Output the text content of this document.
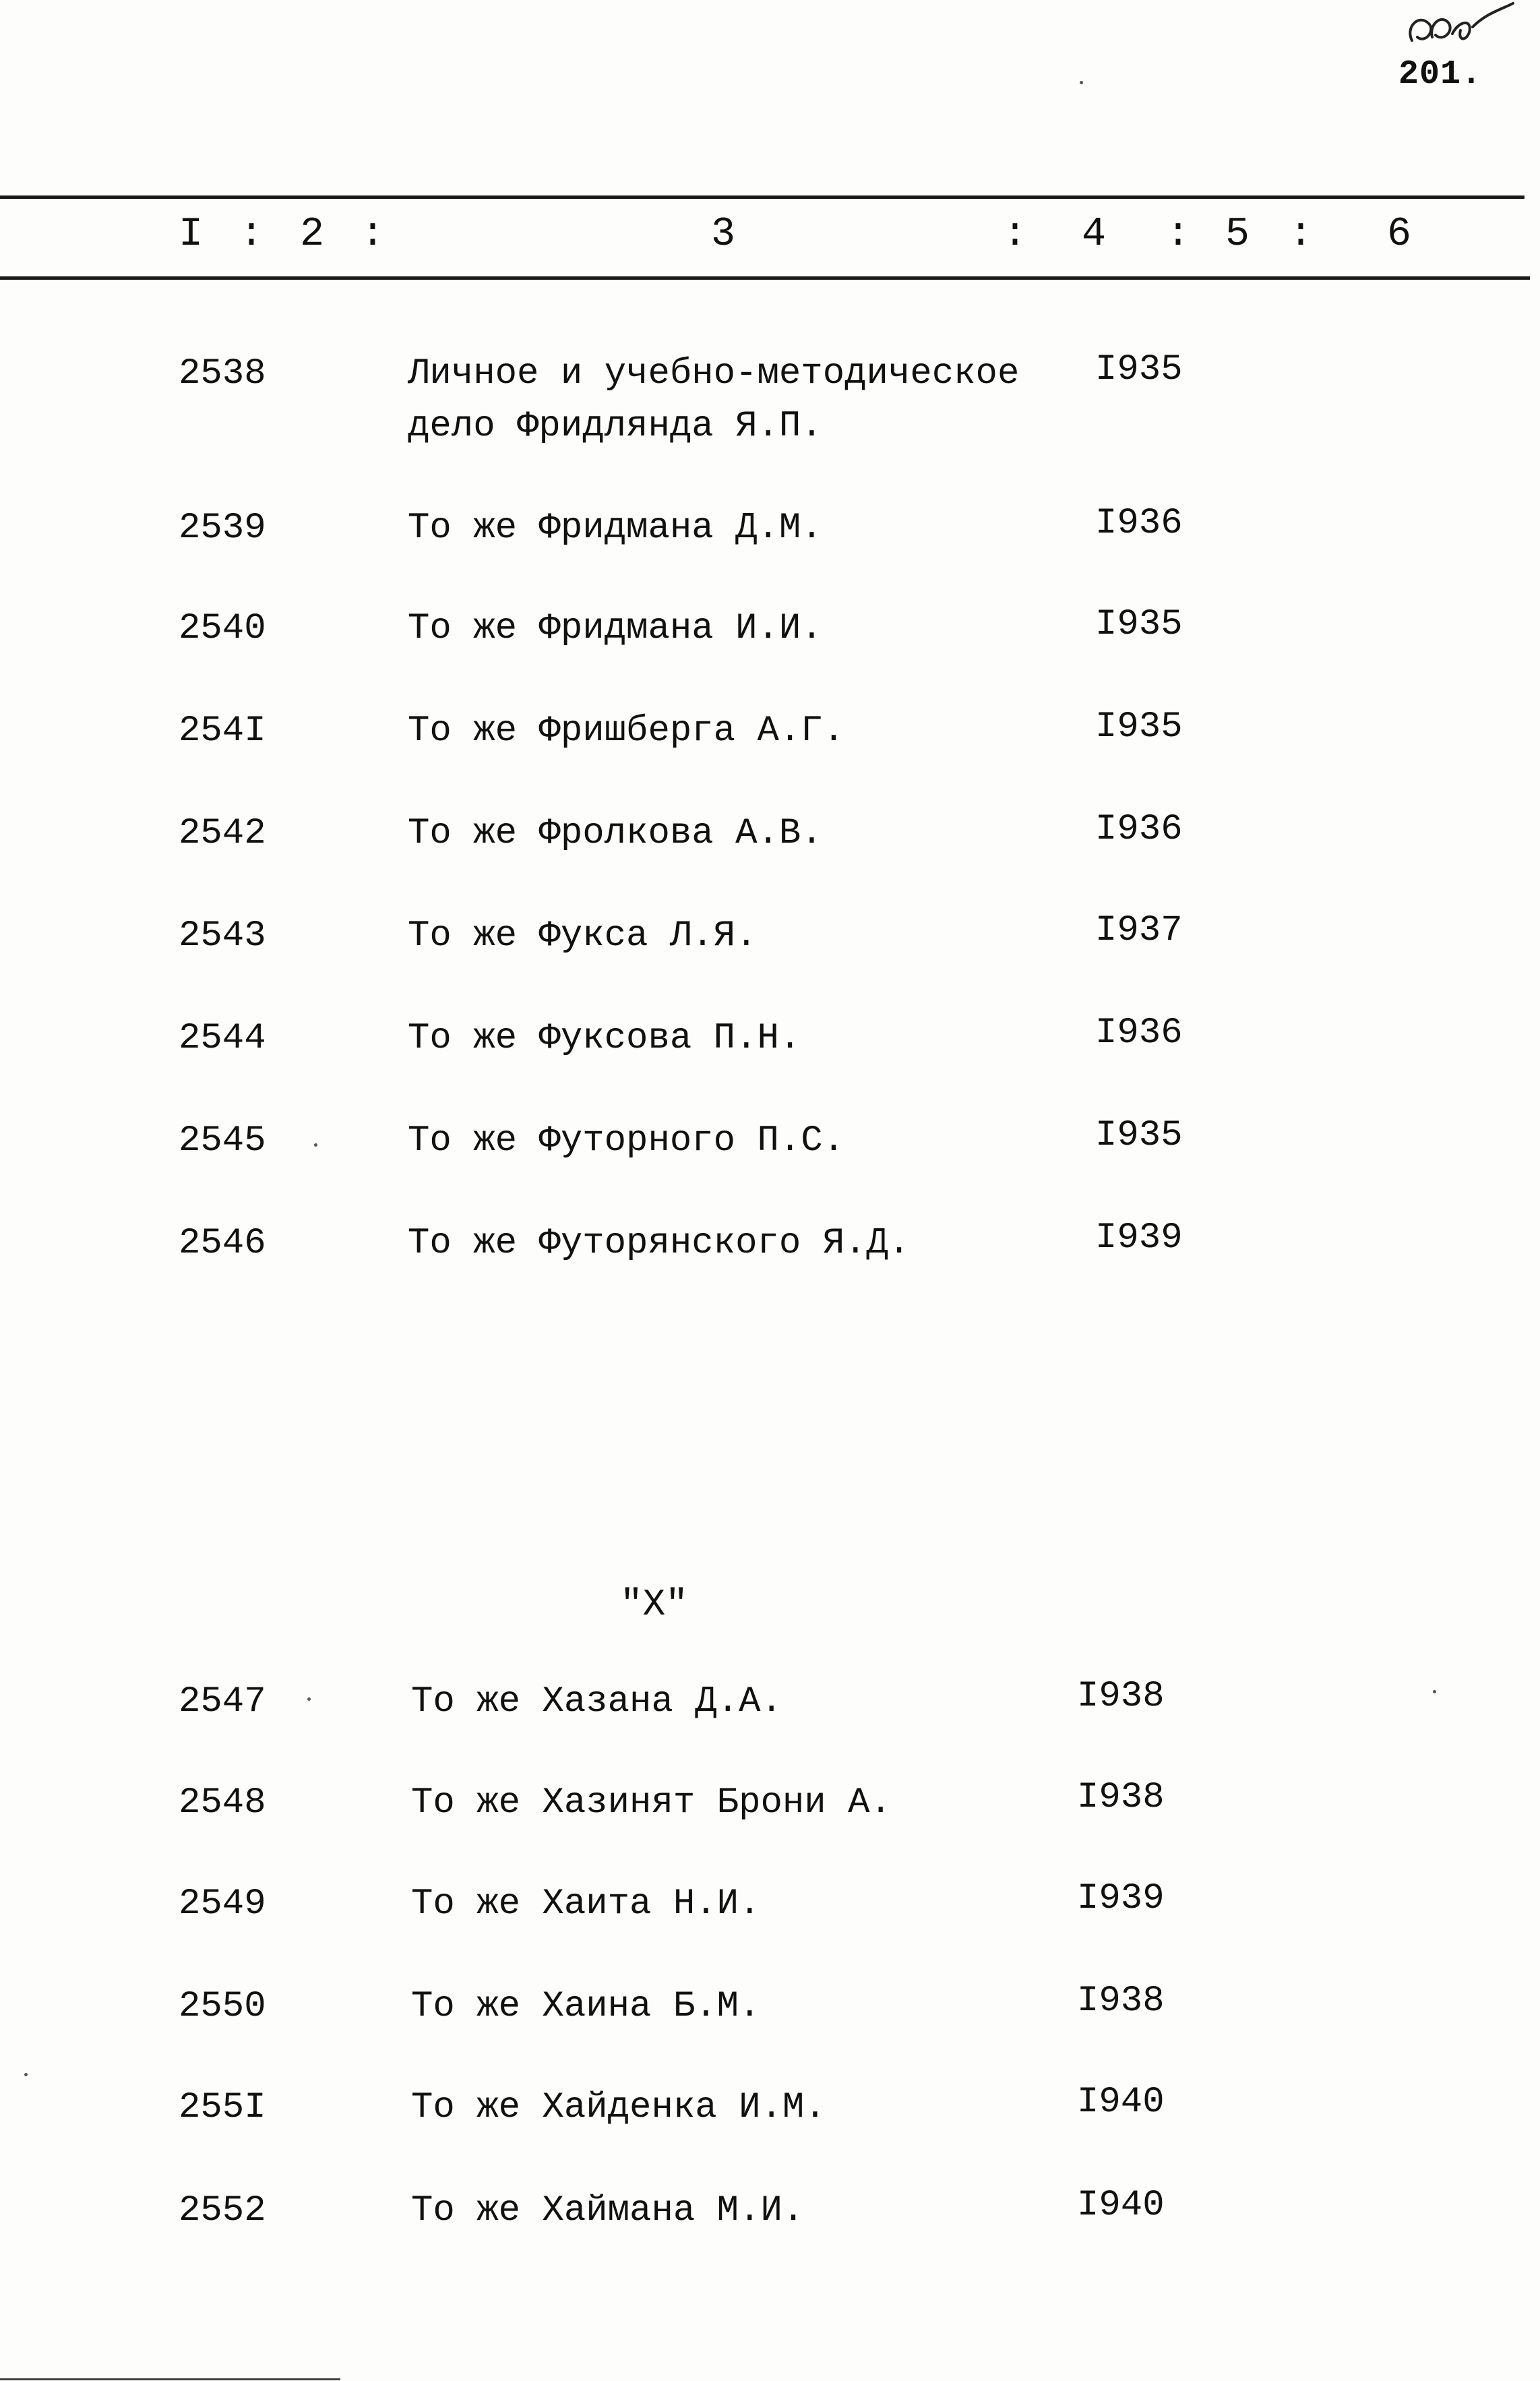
201.
I : 2 :	3	: 4 : 5 : 6
2538	Личное и учебно-методическое
дело Фридлянда Я.П.
I935
2539	То же Фридмана Д.М.	I936
2540	То же Фридмана И.И.	I935
254I	То же Фришберга А.Г.	I935
2542	То же Фролкова А.В.	I936
2543	То же Фукса Л.Я.	I937
2544	То же Фуксова П.Н.	I936
2545	То же Футорного П.С.	I935
2546	То же Футорянского Я.Д.	I939
"Х"
2547	То же Хазана Д.А.	I938
2548	То же Хазинят Брони А.	I938
2549	То же Хаита Н.И.	I939
2550	То же Хаина Б.М.	I938
255I	То же Хайденка И.М.	I940
2552	То же Хаймана М.И.	I940
